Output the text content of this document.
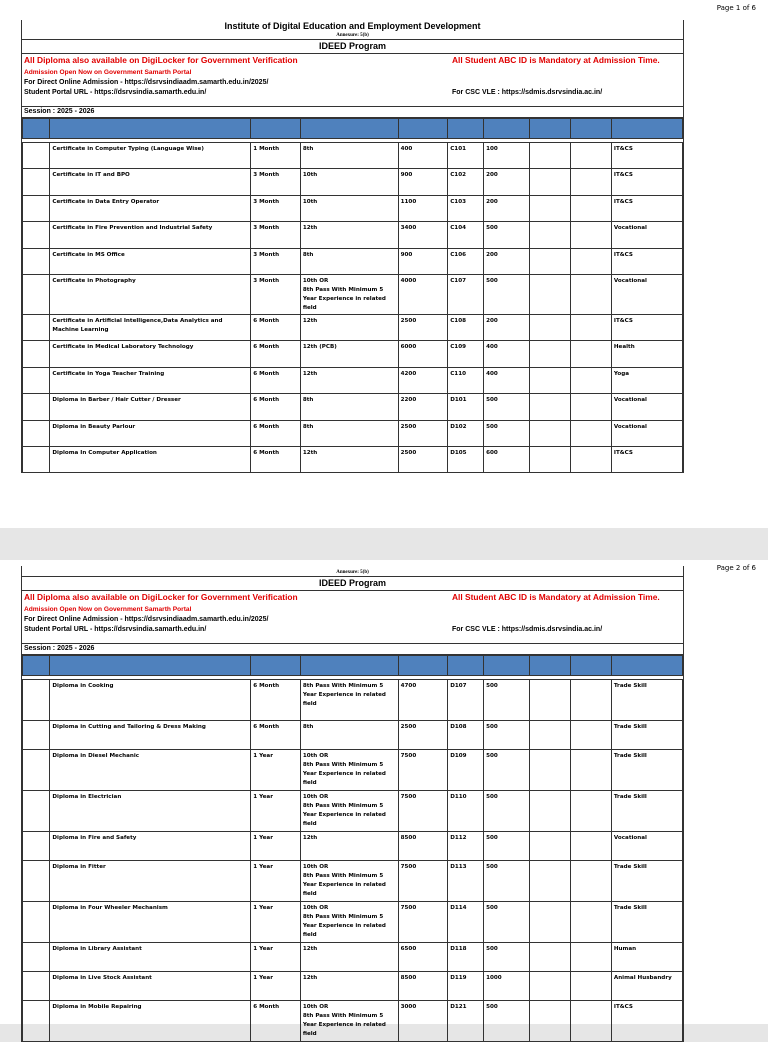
Page 1 of 6
Institute of Digital Education and Employment Development
Annexure: 5(b)
IDEED Program
All Diploma also available on DigiLocker for Government Verification	All Student ABC ID is Mandatory at Admission Time.
Admission Open Now on Government Samarth Portal
For Direct Online Admission - https://dsrvsindiaadm.samarth.edu.in/2025/
Student Portal URL - https://dsrvsindia.samarth.edu.in/	For CSC VLE : https://sdmis.dsrvsindia.ac.in/
Session : 2025 - 2026

	Certificate in Computer Typing (Language Wise)	1 Month	8th	400	C101	100			IT&CS
	Certificate in IT and BPO	3 Month	10th	900	C102	200			IT&CS
	Certificate in Data Entry Operator	3 Month	10th	1100	C103	200			IT&CS
	Certificate in Fire Prevention and Industrial Safety	3 Month	12th	3400	C104	500			Vocational
	Certificate in MS Office	3 Month	8th	900	C106	200			IT&CS
	Certificate in Photography	3 Month	10th OR
8th Pass With Minimum 5 Year Experience in related field	4000	C107	500			Vocational
	Certificate in Artificial Intelligence,Data Analytics and Machine Learning	6 Month	12th	2500	C108	200			IT&CS
	Certificate in Medical Laboratory Technology	6 Month	12th (PCB)	6000	C109	400			Health
	Certificate in Yoga Teacher Training	6 Month	12th	4200	C110	400			Yoga
	Diploma in Barber / Hair Cutter / Dresser	6 Month	8th	2200	D101	500			Vocational
	Diploma in Beauty Parlour	6 Month	8th	2500	D102	500			Vocational
	Diploma In Computer Application	6 Month	12th	2500	D105	600			IT&CS
Page 2 of 6
Annexure: 5(b)
IDEED Program
All Diploma also available on DigiLocker for Government Verification	All Student ABC ID is Mandatory at Admission Time.
Admission Open Now on Government Samarth Portal
For Direct Online Admission - https://dsrvsindiaadm.samarth.edu.in/2025/
Student Portal URL - https://dsrvsindia.samarth.edu.in/	For CSC VLE : https://sdmis.dsrvsindia.ac.in/
Session : 2025 - 2026

	Diploma in Cooking	6 Month	8th Pass With Minimum 5 Year Experience in related field	4700	D107	500			Trade Skill
	Diploma in Cutting and Tailoring & Dress Making	6 Month	8th	2500	D108	500			Trade Skill
	Diploma in Diesel Mechanic	1 Year	10th OR
8th Pass With Minimum 5 Year Experience in related field	7500	D109	500			Trade Skill
	Diploma in Electrician	1 Year	10th OR
8th Pass With Minimum 5 Year Experience in related field	7500	D110	500			Trade Skill
	Diploma in Fire and Safety	1 Year	12th	8500	D112	500			Vocational
	Diploma in Fitter	1 Year	10th OR
8th Pass With Minimum 5 Year Experience in related field	7500	D113	500			Trade Skill
	Diploma in Four Wheeler Mechanism	1 Year	10th OR
8th Pass With Minimum 5 Year Experience in related field	7500	D114	500			Trade Skill
	Diploma in Library Assistant	1 Year	12th	6500	D118	500			Human
	Diploma in Live Stock Assistant	1 Year	12th	8500	D119	1000			Animal Husbandry
	Diploma in Mobile Repairing	6 Month	10th OR
8th Pass With Minimum 5 Year Experience in related field	3000	D121	500			IT&CS
